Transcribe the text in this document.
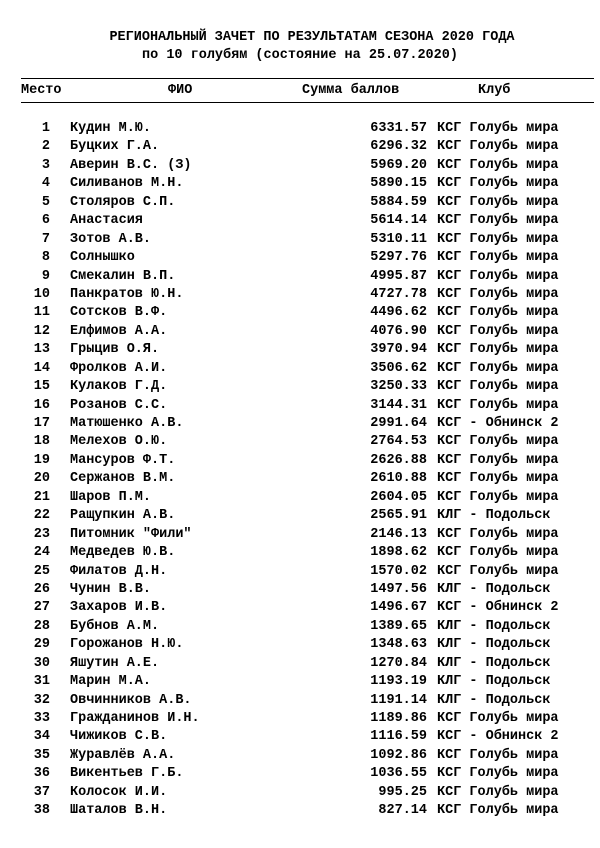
РЕГИОНАЛЬНЫЙ ЗАЧЕТ ПО РЕЗУЛЬТАТАМ СЕЗОНА 2020 ГОДА
по 10 голубям (состояние на 25.07.2020)
Место	ФИО	Сумма баллов	Клуб
1 Кудин М.Ю.	6331.57 КСГ Голубь мира
2 Буцких Г.А.	6296.32 КСГ Голубь мира
3 Аверин В.С. (З)	5969.20 КСГ Голубь мира
4 Силиванов М.Н.	5890.15 КСГ Голубь мира
5 Столяров С.П.	5884.59 КСГ Голубь мира
6 Анастасия	5614.14 КСГ Голубь мира
7 Зотов А.В.	5310.11 КСГ Голубь мира
8 Солнышко	5297.76 КСГ Голубь мира
9 Смекалин В.П.	4995.87 КСГ Голубь мира
10 Панкратов Ю.Н.	4727.78 КСГ Голубь мира
11 Сотсков В.Ф.	4496.62 КСГ Голубь мира
12 Елфимов А.А.	4076.90 КСГ Голубь мира
13 Грыцив О.Я.	3970.94 КСГ Голубь мира
14 Фролков А.И.	3506.62 КСГ Голубь мира
15 Кулаков Г.Д.	3250.33 КСГ Голубь мира
16 Розанов С.С.	3144.31 КСГ Голубь мира
17 Матюшенко А.В.	2991.64 КСГ - Обнинск 2
18 Мелехов О.Ю.	2764.53 КСГ Голубь мира
19 Мансуров Ф.Т.	2626.88 КСГ Голубь мира
20 Сержанов В.М.	2610.88 КСГ Голубь мира
21 Шаров П.М.	2604.05 КСГ Голубь мира
22 Ращупкин А.В.	2565.91 КЛГ - Подольск
23 Питомник "Фили"	2146.13 КСГ Голубь мира
24 Медведев Ю.В.	1898.62 КСГ Голубь мира
25 Филатов Д.Н.	1570.02 КСГ Голубь мира
26 Чунин В.В.	1497.56 КЛГ - Подольск
27 Захаров И.В.	1496.67 КСГ - Обнинск 2
28 Бубнов А.М.	1389.65 КЛГ - Подольск
29 Горожанов Н.Ю.	1348.63 КЛГ - Подольск
30 Яшутин А.Е.	1270.84 КЛГ - Подольск
31 Марин М.А.	1193.19 КЛГ - Подольск
32 Овчинников А.В.	1191.14 КЛГ - Подольск
33 Гражданинов И.Н.	1189.86 КСГ Голубь мира
34 Чижиков С.В.	1116.59 КСГ - Обнинск 2
35 Журавлёв А.А.	1092.86 КСГ Голубь мира
36 Викентьев Г.Б.	1036.55 КСГ Голубь мира
37 Колосок И.И.	995.25 КСГ Голубь мира
38 Шаталов В.Н.	827.14 КСГ Голубь мира
